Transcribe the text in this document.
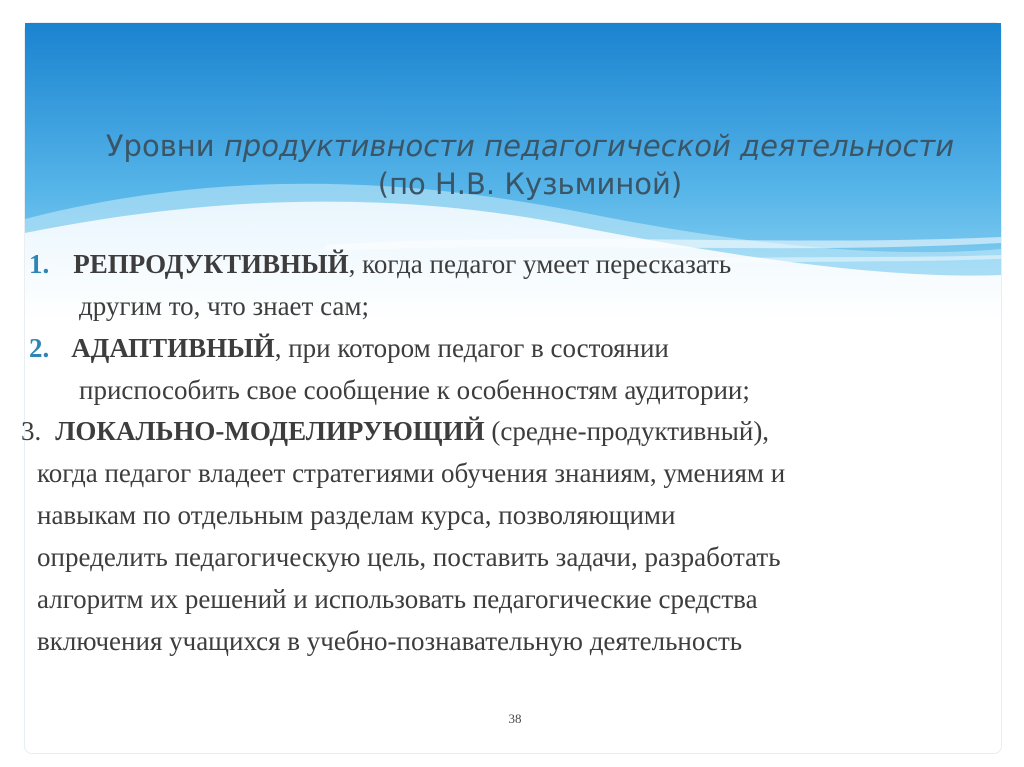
Уровни продуктивности педагогической деятельности
(по Н.В. Кузьминой)
1. РЕПРОДУКТИВНЫЙ, когда педагог умеет пересказать
другим то, что знает сам;
2. АДАПТИВНЫЙ, при котором педагог в состоянии
приспособить свое сообщение к особенностям аудитории;
3. ЛОКАЛЬНО-МОДЕЛИРУЮЩИЙ (средне-продуктивный),
когда педагог владеет стратегиями обучения знаниям, умениям и
навыкам по отдельным разделам курса, позволяющими
определить педагогическую цель, поставить задачи, разработать
алгоритм их решений и использовать педагогические средства
включения учащихся в учебно-познавательную деятельность
38
